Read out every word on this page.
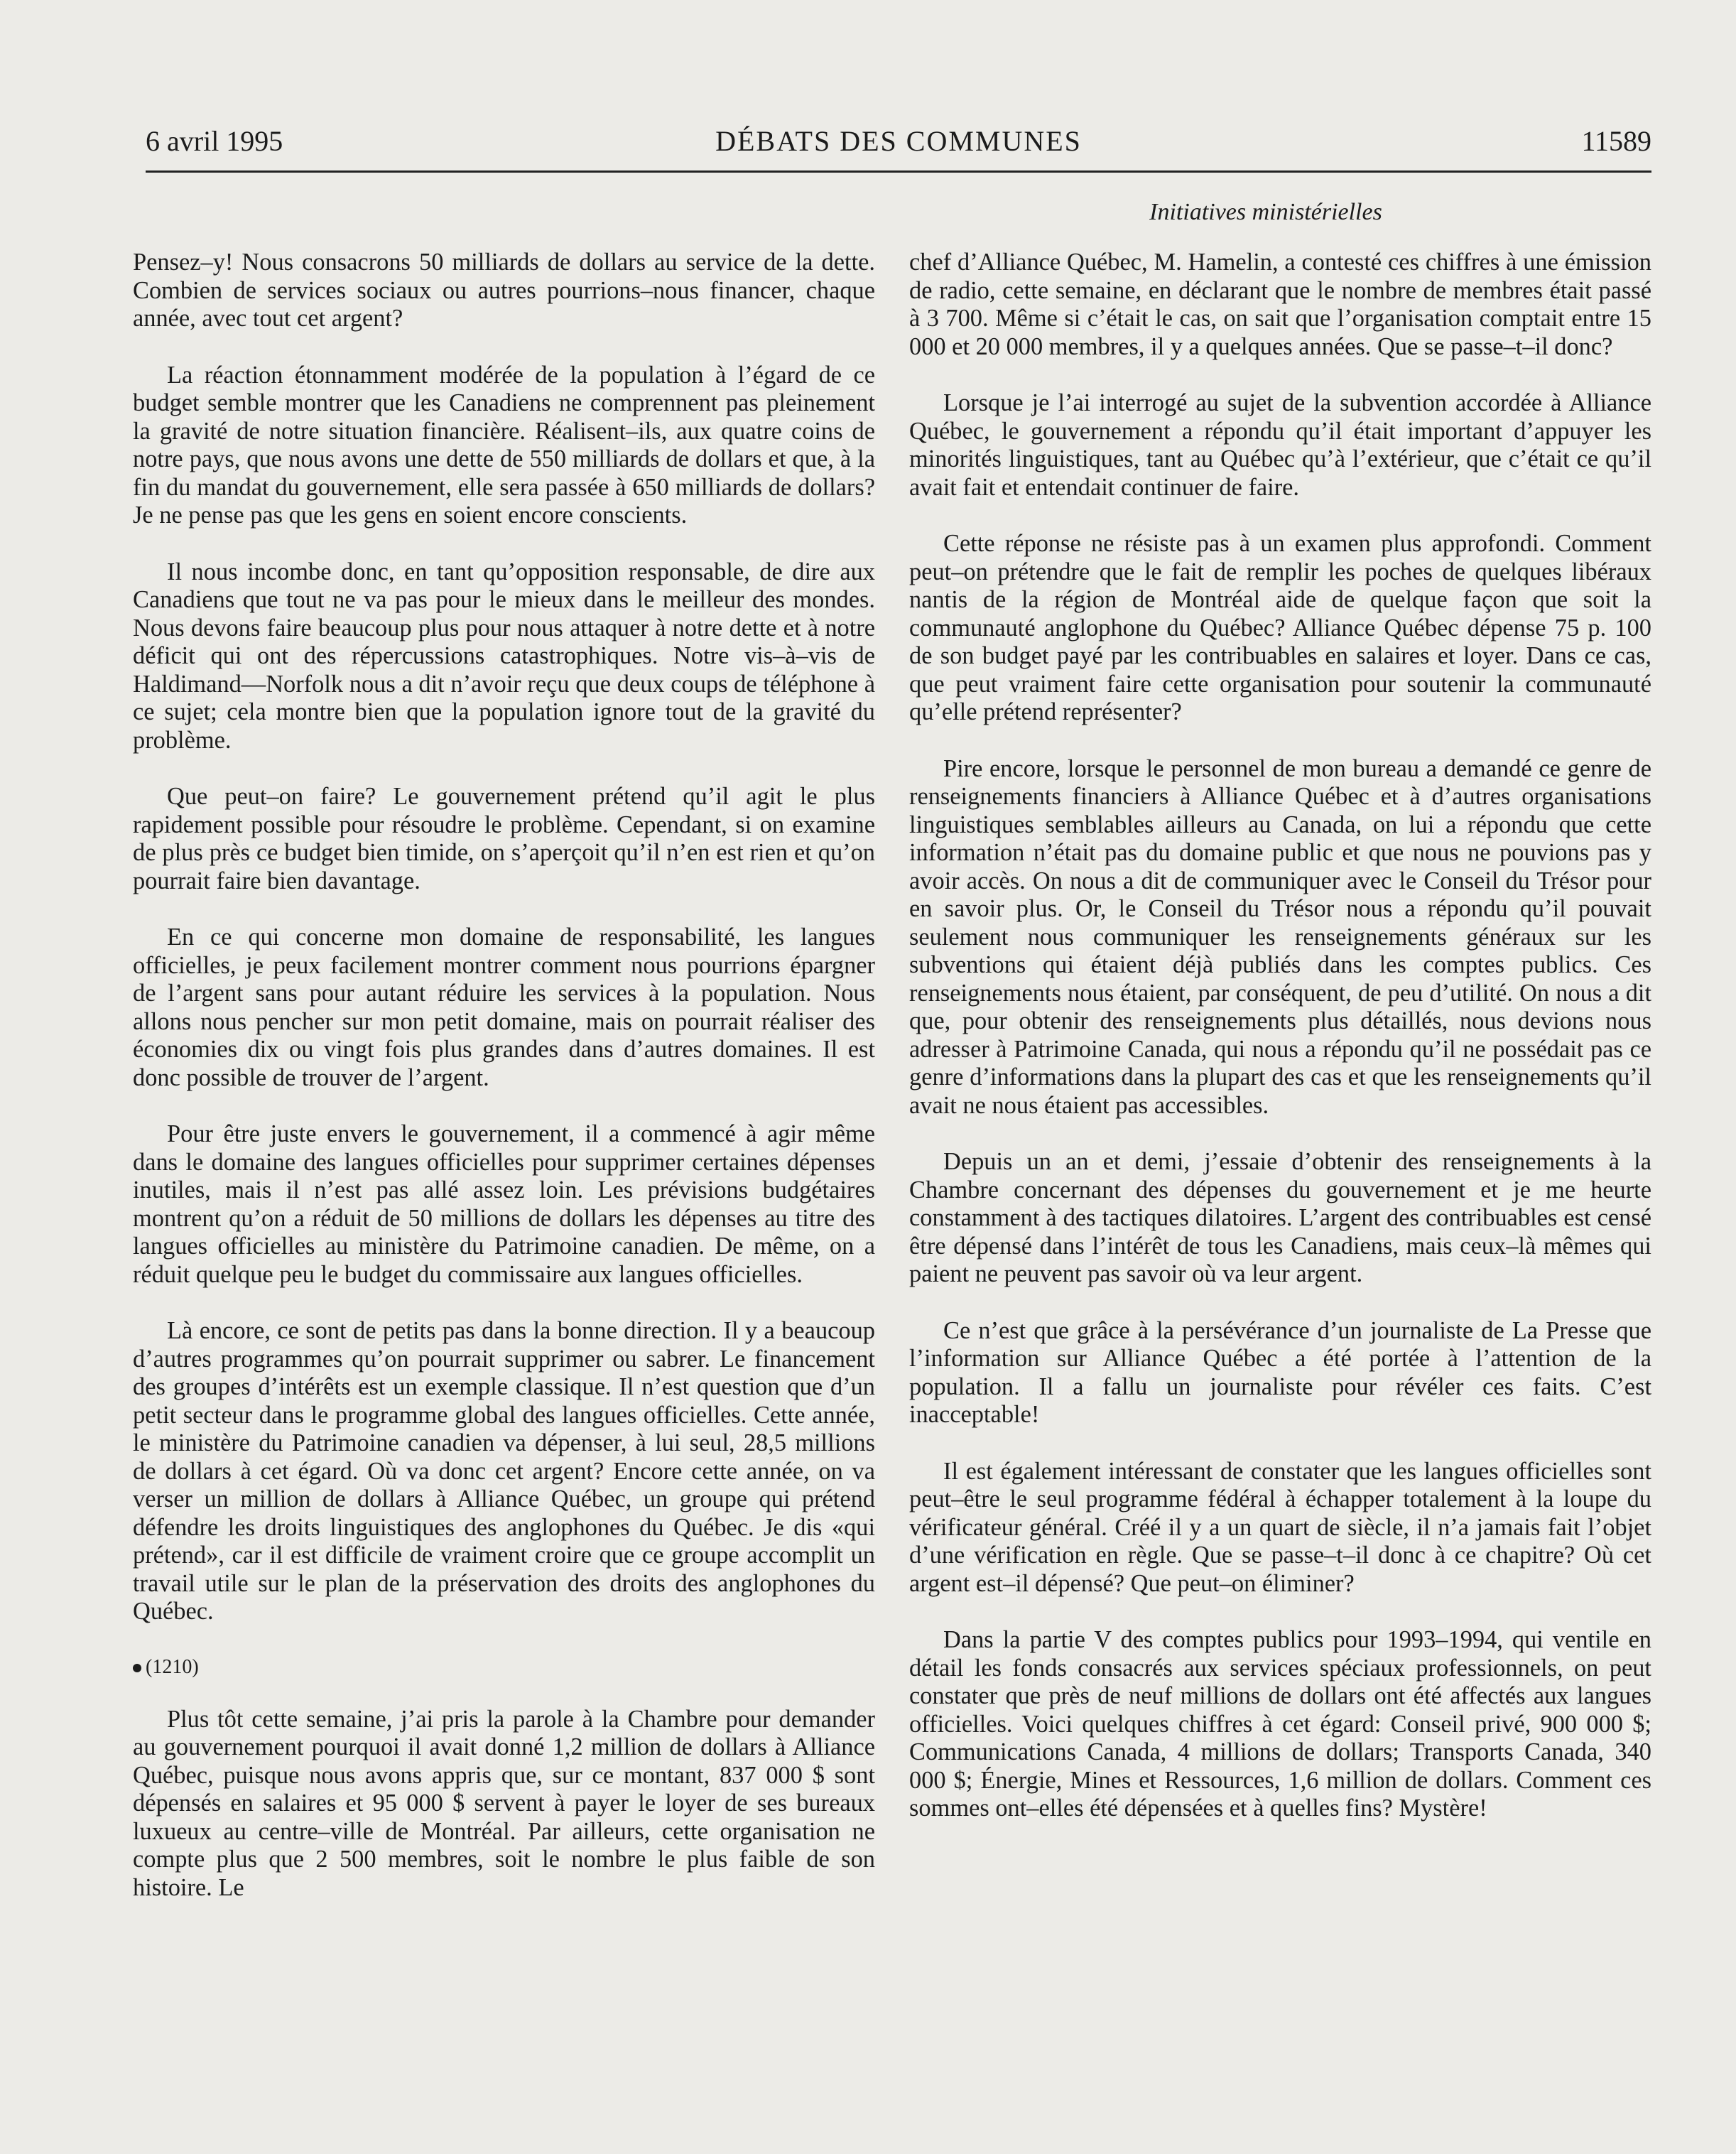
6 avril 1995	DÉBATS DES COMMUNES	11589
Initiatives ministérielles

Pensez–y! Nous consacrons 50 milliards de dollars au service de la dette. Combien de services sociaux ou autres pourrions–nous financer, chaque année, avec tout cet argent?

La réaction étonnamment modérée de la population à l’égard de ce budget semble montrer que les Canadiens ne comprennent pas pleinement la gravité de notre situation financière. Réalisent–ils, aux quatre coins de notre pays, que nous avons une dette de 550 milliards de dollars et que, à la fin du mandat du gouvernement, elle sera passée à 650 milliards de dollars? Je ne pense pas que les gens en soient encore conscients.

Il nous incombe donc, en tant qu’opposition responsable, de dire aux Canadiens que tout ne va pas pour le mieux dans le meilleur des mondes. Nous devons faire beaucoup plus pour nous attaquer à notre dette et à notre déficit qui ont des répercussions catastrophiques. Notre vis–à–vis de Haldimand—Norfolk nous a dit n’avoir reçu que deux coups de téléphone à ce sujet; cela montre bien que la population ignore tout de la gravité du problème.

Que peut–on faire? Le gouvernement prétend qu’il agit le plus rapidement possible pour résoudre le problème. Cependant, si on examine de plus près ce budget bien timide, on s’aperçoit qu’il n’en est rien et qu’on pourrait faire bien davantage.

En ce qui concerne mon domaine de responsabilité, les langues officielles, je peux facilement montrer comment nous pourrions épargner de l’argent sans pour autant réduire les services à la population. Nous allons nous pencher sur mon petit domaine, mais on pourrait réaliser des économies dix ou vingt fois plus grandes dans d’autres domaines. Il est donc possible de trouver de l’argent.

Pour être juste envers le gouvernement, il a commencé à agir même dans le domaine des langues officielles pour supprimer certaines dépenses inutiles, mais il n’est pas allé assez loin. Les prévisions budgétaires montrent qu’on a réduit de 50 millions de dollars les dépenses au titre des langues officielles au ministère du Patrimoine canadien. De même, on a réduit quelque peu le budget du commissaire aux langues officielles.

Là encore, ce sont de petits pas dans la bonne direction. Il y a beaucoup d’autres programmes qu’on pourrait supprimer ou sabrer. Le financement des groupes d’intérêts est un exemple classique. Il n’est question que d’un petit secteur dans le programme global des langues officielles. Cette année, le ministère du Patrimoine canadien va dépenser, à lui seul, 28,5 millions de dollars à cet égard. Où va donc cet argent? Encore cette année, on va verser un million de dollars à Alliance Québec, un groupe qui prétend défendre les droits linguistiques des anglophones du Québec. Je dis «qui prétend», car il est difficile de vraiment croire que ce groupe accomplit un travail utile sur le plan de la préservation des droits des anglophones du Québec.

(1210)

Plus tôt cette semaine, j’ai pris la parole à la Chambre pour demander au gouvernement pourquoi il avait donné 1,2 million de dollars à Alliance Québec, puisque nous avons appris que, sur ce montant, 837 000 $ sont dépensés en salaires et 95 000 $ servent à payer le loyer de ses bureaux luxueux au centre–ville de Montréal. Par ailleurs, cette organisation ne compte plus que 2 500 membres, soit le nombre le plus faible de son histoire. Le

chef d’Alliance Québec, M. Hamelin, a contesté ces chiffres à une émission de radio, cette semaine, en déclarant que le nombre de membres était passé à 3 700. Même si c’était le cas, on sait que l’organisation comptait entre 15 000 et 20 000 membres, il y a quelques années. Que se passe–t–il donc?

Lorsque je l’ai interrogé au sujet de la subvention accordée à Alliance Québec, le gouvernement a répondu qu’il était important d’appuyer les minorités linguistiques, tant au Québec qu’à l’extérieur, que c’était ce qu’il avait fait et entendait continuer de faire.

Cette réponse ne résiste pas à un examen plus approfondi. Comment peut–on prétendre que le fait de remplir les poches de quelques libéraux nantis de la région de Montréal aide de quelque façon que soit la communauté anglophone du Québec? Alliance Québec dépense 75 p. 100 de son budget payé par les contribuables en salaires et loyer. Dans ce cas, que peut vraiment faire cette organisation pour soutenir la communauté qu’elle prétend représenter?

Pire encore, lorsque le personnel de mon bureau a demandé ce genre de renseignements financiers à Alliance Québec et à d’autres organisations linguistiques semblables ailleurs au Canada, on lui a répondu que cette information n’était pas du domaine public et que nous ne pouvions pas y avoir accès. On nous a dit de communiquer avec le Conseil du Trésor pour en savoir plus. Or, le Conseil du Trésor nous a répondu qu’il pouvait seulement nous communiquer les renseignements généraux sur les subventions qui étaient déjà publiés dans les comptes publics. Ces renseignements nous étaient, par conséquent, de peu d’utilité. On nous a dit que, pour obtenir des renseignements plus détaillés, nous devions nous adresser à Patrimoine Canada, qui nous a répondu qu’il ne possédait pas ce genre d’informations dans la plupart des cas et que les renseignements qu’il avait ne nous étaient pas accessibles.

Depuis un an et demi, j’essaie d’obtenir des renseignements à la Chambre concernant des dépenses du gouvernement et je me heurte constamment à des tactiques dilatoires. L’argent des contribuables est censé être dépensé dans l’intérêt de tous les Canadiens, mais ceux–là mêmes qui paient ne peuvent pas savoir où va leur argent.

Ce n’est que grâce à la persévérance d’un journaliste de La Presse que l’information sur Alliance Québec a été portée à l’attention de la population. Il a fallu un journaliste pour révéler ces faits. C’est inacceptable!

Il est également intéressant de constater que les langues officielles sont peut–être le seul programme fédéral à échapper totalement à la loupe du vérificateur général. Créé il y a un quart de siècle, il n’a jamais fait l’objet d’une vérification en règle. Que se passe–t–il donc à ce chapitre? Où cet argent est–il dépensé? Que peut–on éliminer?

Dans la partie V des comptes publics pour 1993–1994, qui ventile en détail les fonds consacrés aux services spéciaux professionnels, on peut constater que près de neuf millions de dollars ont été affectés aux langues officielles. Voici quelques chiffres à cet égard: Conseil privé, 900 000 $; Communications Canada, 4 millions de dollars; Transports Canada, 340 000 $; Énergie, Mines et Ressources, 1,6 million de dollars. Comment ces sommes ont–elles été dépensées et à quelles fins? Mystère!
